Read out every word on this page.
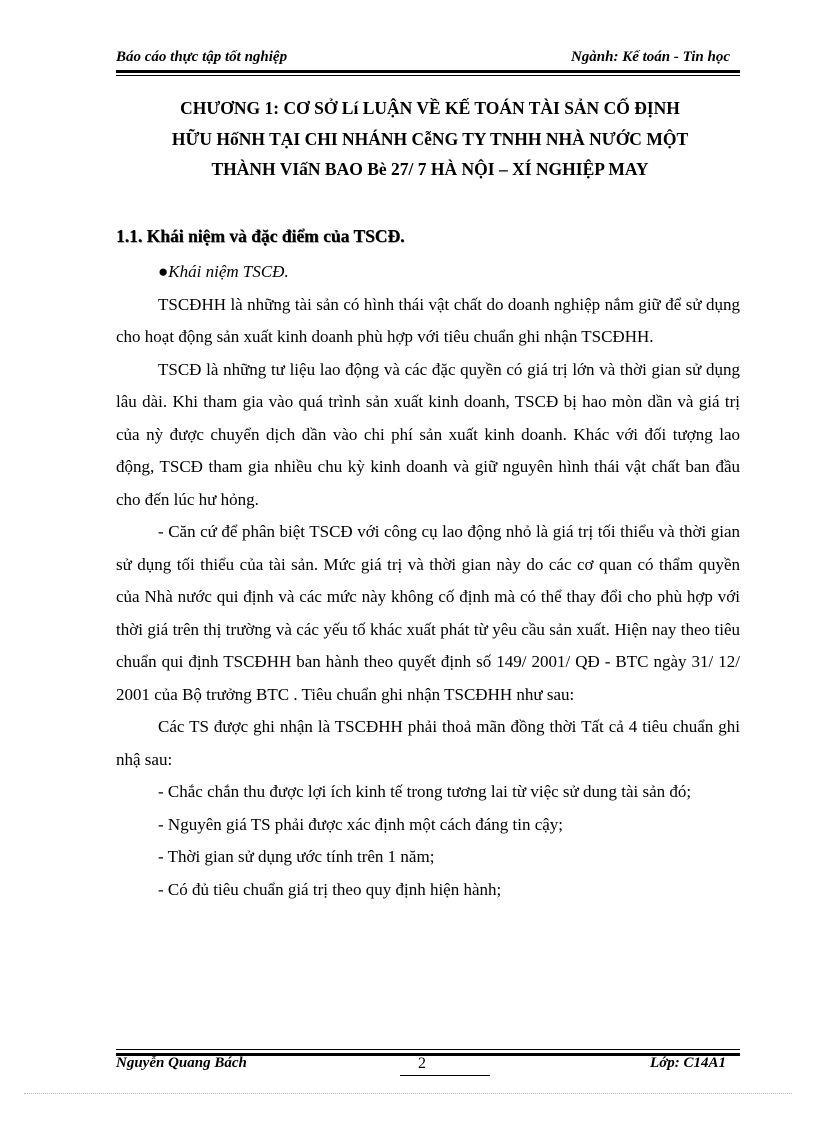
Báo cáo thực tập tốt nghiệp	Ngành: Kế toán - Tin học
CHƯƠNG 1: CƠ SỞ Lí LUẬN VỀ KẾ TOÁN TÀI SẢN CỐ ĐỊNH
HỮU HốNH TẠI CHI NHÁNH CễNG TY TNHH NHÀ NƯỚC MỘT
THÀNH VIấN BAO Bè 27/ 7 HÀ NỘI – XÍ NGHIỆP MAY
1.1. Khái niệm và đặc điểm của TSCĐ.

●Khái niệm TSCĐ.

TSCĐHH là những tài sản có hình thái vật chất do doanh nghiệp nắm giữ để sử dụng cho hoạt động sản xuất kinh doanh phù hợp với tiêu chuẩn ghi nhận TSCĐHH.

TSCĐ là những tư liệu lao động và các đặc quyền có giá trị lớn và thời gian sử dụng lâu dài. Khi tham gia vào quá trình sản xuất kinh doanh, TSCĐ bị hao mòn dần và giá trị của nỳ được chuyển dịch dần vào chi phí sản xuất kinh doanh. Khác với đối tượng lao động, TSCĐ tham gia nhiều chu kỳ kinh doanh và giữ nguyên hình thái vật chất ban đầu cho đến lúc hư hỏng.

- Căn cứ để phân biệt TSCĐ với công cụ lao động nhỏ là giá trị tối thiểu và thời gian sử dụng tối thiểu của tài sản. Mức giá trị và thời gian này do các cơ quan có thẩm quyền của Nhà nước qui định và các mức này không cố định mà có thể thay đổi cho phù hợp với thời giá trên thị trường và các yếu tố khác xuất phát từ yêu cầu sản xuất. Hiện nay theo tiêu chuẩn qui định TSCĐHH ban hành theo quyết định số 149/ 2001/ QĐ - BTC ngày 31/ 12/ 2001 của Bộ trưởng BTC . Tiêu chuẩn ghi nhận TSCĐHH như sau:

Các TS được ghi nhận là TSCĐHH phải thoả mãn đồng thời Tất cả 4 tiêu chuẩn ghi nhậ sau:

- Chắc chắn thu được lợi ích kinh tế trong tương lai từ việc sử dung tài sản đó;

- Nguyên giá TS phải được xác định một cách đáng tin cậy;

- Thời gian sử dụng ước tính trên 1 năm;

- Có đủ tiêu chuẩn giá trị theo quy định hiện hành;

Nguyễn Quang Bách	2	Lớp: C14A1
